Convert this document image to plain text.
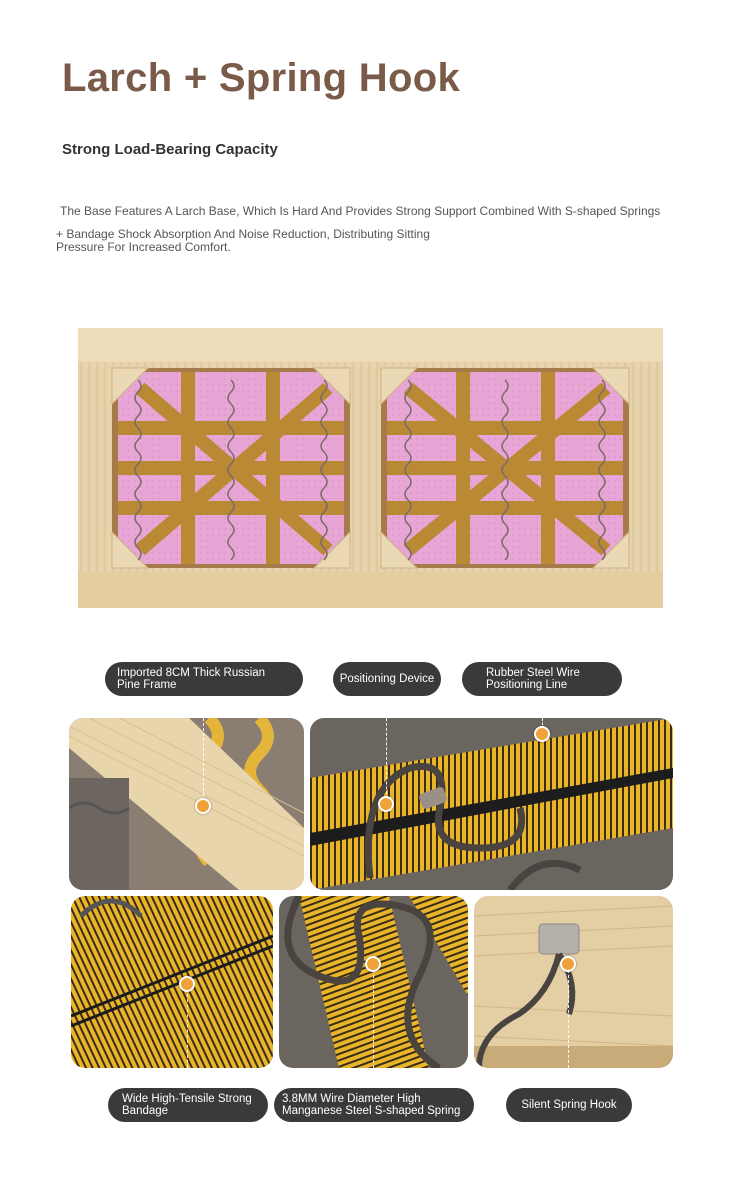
Larch + Spring Hook
Strong Load-Bearing Capacity
The Base Features A Larch Base, Which Is Hard And Provides Strong Support Combined With S-shaped Springs
+ Bandage Shock Absorption And Noise Reduction, Distributing Sitting Pressure For Increased Comfort.
Imported 8CM Thick Russian Pine Frame	Positioning Device	Rubber Steel Wire Positioning Line
Wide High-Tensile Strong Bandage
3.8MM Wire Diameter High Manganese Steel S-shaped Spring	Silent Spring Hook
